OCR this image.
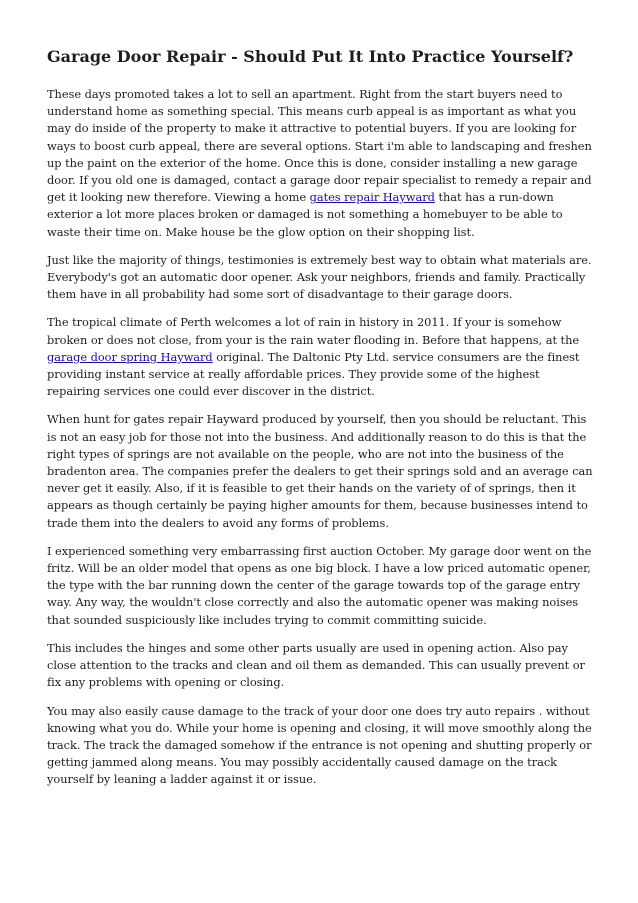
Garage Door Repair - Should Put It Into Practice Yourself?

These days promoted takes a lot to sell an apartment. Right from the start buyers need to understand home as something special. This means curb appeal is as important as what you may do inside of the property to make it attractive to potential buyers. If you are looking for ways to boost curb appeal, there are several options. Start i'm able to landscaping and freshen up the paint on the exterior of the home. Once this is done, consider installing a new garage door. If you old one is damaged, contact a garage door repair specialist to remedy a repair and get it looking new therefore. Viewing a home gates repair Hayward that has a run-down exterior a lot more places broken or damaged is not something a homebuyer to be able to waste their time on. Make house be the glow option on their shopping list.

Just like the majority of things, testimonies is extremely best way to obtain what materials are. Everybody's got an automatic door opener. Ask your neighbors, friends and family. Practically them have in all probability had some sort of disadvantage to their garage doors.

The tropical climate of Perth welcomes a lot of rain in history in 2011. If your is somehow broken or does not close, from your is the rain water flooding in. Before that happens, at the garage door spring Hayward original. The Daltonic Pty Ltd. service consumers are the finest providing instant service at really affordable prices. They provide some of the highest repairing services one could ever discover in the district.

When hunt for gates repair Hayward produced by yourself, then you should be reluctant. This is not an easy job for those not into the business. And additionally reason to do this is that the right types of springs are not available on the people, who are not into the business of the bradenton area. The companies prefer the dealers to get their springs sold and an average can never get it easily. Also, if it is feasible to get their hands on the variety of of springs, then it appears as though certainly be paying higher amounts for them, because businesses intend to trade them into the dealers to avoid any forms of problems.

I experienced something very embarrassing first auction October. My garage door went on the fritz. Will be an older model that opens as one big block. I have a low priced automatic opener, the type with the bar running down the center of the garage towards top of the garage entry way. Any way, the wouldn't close correctly and also the automatic opener was making noises that sounded suspiciously like includes trying to commit committing suicide.

This includes the hinges and some other parts usually are used in opening action. Also pay close attention to the tracks and clean and oil them as demanded. This can usually prevent or fix any problems with opening or closing.

You may also easily cause damage to the track of your door one does try auto repairs . without knowing what you do. While your home is opening and closing, it will move smoothly along the track. The track the damaged somehow if the entrance is not opening and shutting properly or getting jammed along means. You may possibly accidentally caused damage on the track yourself by leaning a ladder against it or issue.
